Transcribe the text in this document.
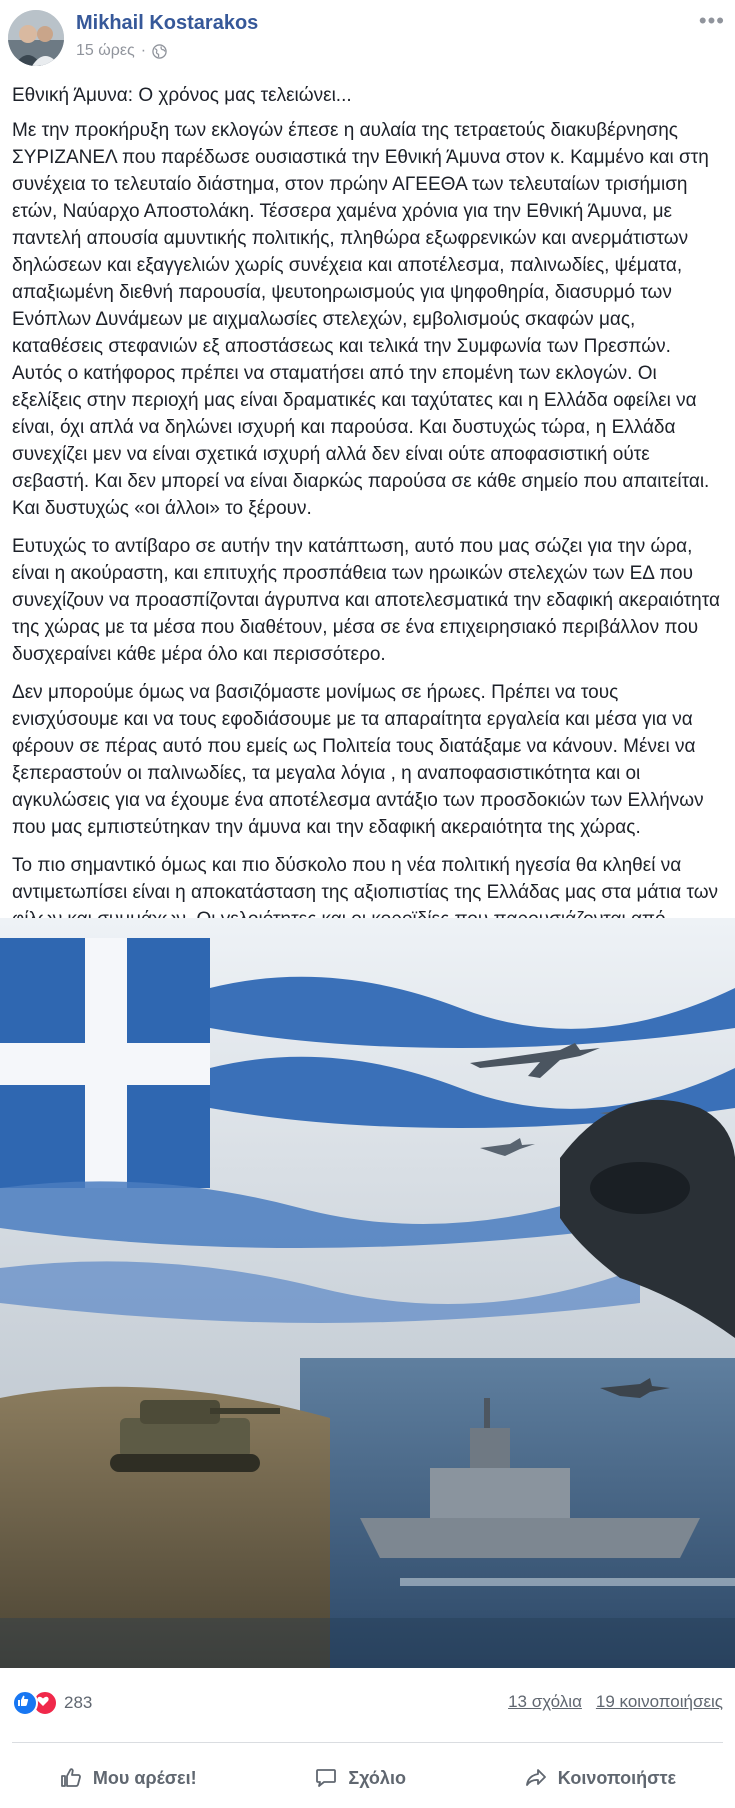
Mikhail Kostarakos
15 ώρες ·
•••

Εθνική Άμυνα: Ο χρόνος μας τελειώνει...

Με την προκήρυξη των εκλογών έπεσε η αυλαία της τετραετούς διακυβέρνησης ΣΥΡΙΖΑΝΕΛ που παρέδωσε ουσιαστικά την Εθνική Άμυνα στον κ. Καμμένο και στη συνέχεια το τελευταίο διάστημα, στον πρώην ΑΓΕΕΘΑ των τελευταίων τρισήμιση ετών, Ναύαρχο Αποστολάκη. Τέσσερα χαμένα χρόνια για την Εθνική Άμυνα, με παντελή απουσία αμυντικής πολιτικής, πληθώρα εξωφρενικών και ανερμάτιστων δηλώσεων και εξαγγελιών χωρίς συνέχεια και αποτέλεσμα, παλινωδίες, ψέματα, απαξιωμένη διεθνή παρουσία, ψευτοηρωισμούς για ψηφοθηρία, διασυρμό των Ενόπλων Δυνάμεων με αιχμαλωσίες στελεχών, εμβολισμούς σκαφών μας, καταθέσεις στεφανιών εξ αποστάσεως και τελικά την Συμφωνία των Πρεσπών. Αυτός ο κατήφορος πρέπει να σταματήσει από την επομένη των εκλογών. Οι εξελίξεις στην περιοχή μας είναι δραματικές και ταχύτατες και η Ελλάδα οφείλει να είναι, όχι απλά να δηλώνει ισχυρή και παρούσα. Και δυστυχώς τώρα, η Ελλάδα συνεχίζει μεν να είναι σχετικά ισχυρή αλλά δεν είναι ούτε αποφασιστική ούτε σεβαστή. Και δεν μπορεί να είναι διαρκώς παρούσα σε κάθε σημείο που απαιτείται. Και δυστυχώς «οι άλλοι» το ξέρουν.

Ευτυχώς το αντίβαρο σε αυτήν την κατάπτωση, αυτό που μας σώζει για την ώρα, είναι η ακούραστη, και επιτυχής προσπάθεια των ηρωικών στελεχών των ΕΔ που συνεχίζουν να προασπίζονται άγρυπνα και αποτελεσματικά την εδαφική ακεραιότητα της χώρας με τα μέσα που διαθέτουν, μέσα σε ένα επιχειρησιακό περιβάλλον που δυσχεραίνει κάθε μέρα όλο και περισσότερο.

Δεν μπορούμε όμως να βασιζόμαστε μονίμως σε ήρωες. Πρέπει να τους ενισχύσουμε και να τους εφοδιάσουμε με τα απαραίτητα εργαλεία και μέσα για να φέρουν σε πέρας αυτό που εμείς ως Πολιτεία τους διατάξαμε να κάνουν. Μένει να ξεπεραστούν οι παλινωδίες, τα μεγαλα λόγια , η αναποφασιστικότητα και οι αγκυλώσεις για να έχουμε ένα αποτέλεσμα αντάξιο των προσδοκιών των Ελλήνων που μας εμπιστεύτηκαν την άμυνα και την εδαφική ακεραιότητα της χώρας.

Το πιο σημαντικό όμως και πιο δύσκολο που η νέα πολιτική ηγεσία θα κληθεί να αντιμετωπίσει είναι η αποκατάσταση της αξιοπιστίας της Ελλάδας μας στα μάτια των

283	13 σχόλια 19 κοινοποιήσεις
Μου αρέσει!	Σχόλιο	Κοινοποιήστε
